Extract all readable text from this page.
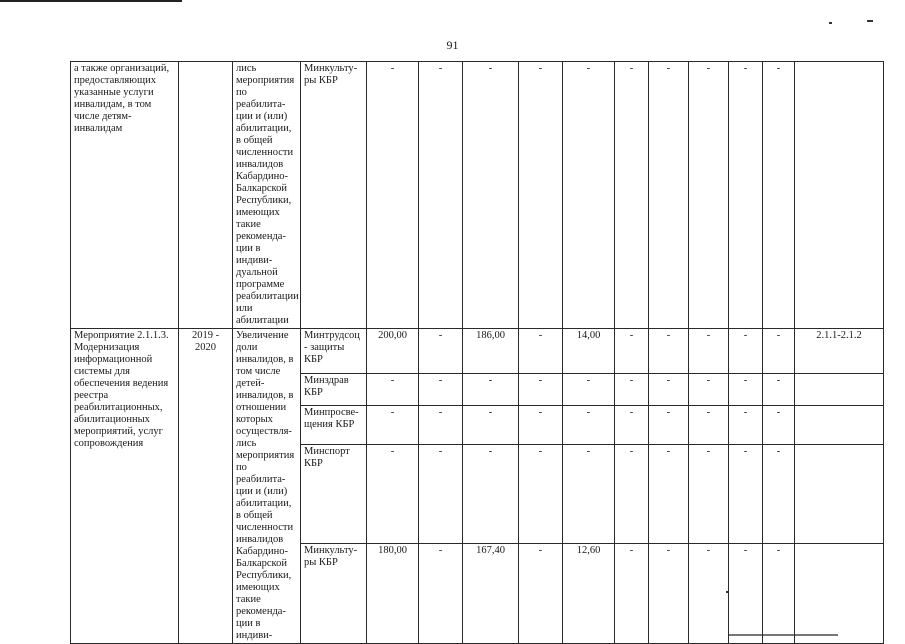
91
а также организаций, предоставляющих указанные услуги инвалидам, в том числе детям-инвалидам		лись мероприятия по реабилита-ции и (или) абилитации, в общей численности инвалидов Кабардино-Балкарской Республики, имеющих такие рекоменда-ции в индиви-дуальной программе реабилитации или абилитации	Минкульту-ры КБР	-	-	-	-	-	-	-	-	-	-	
Мероприятие 2.1.1.3. Модернизация информационной системы для обеспечения ведения реестра реабилитационных, абилитационных мероприятий, услуг сопровождения	2019 - 2020	Увеличение доли инвалидов, в том числе детей-инвалидов, в отношении которых осуществля-лись мероприятия по реабилита-ции и (или) абилитации, в общей численности инвалидов Кабардино-Балкарской Республики, имеющих такие рекоменда-ции в индиви-	Минтрудсоц - защиты КБР	200,00	-	186,00	-	14,00	-	-	-	-	-	2.1.1-2.1.2
			Минздрав КБР	-	-	-	-	-	-	-	-	-	-	
			Минпросве-щения КБР	-	-	-	-	-	-	-	-	-	-	
			Минспорт КБР	-	-	-	-	-	-	-	-	-	-	
			Минкульту-ры КБР	180,00	-	167,40	-	12,60	-	-	-	-	-	
